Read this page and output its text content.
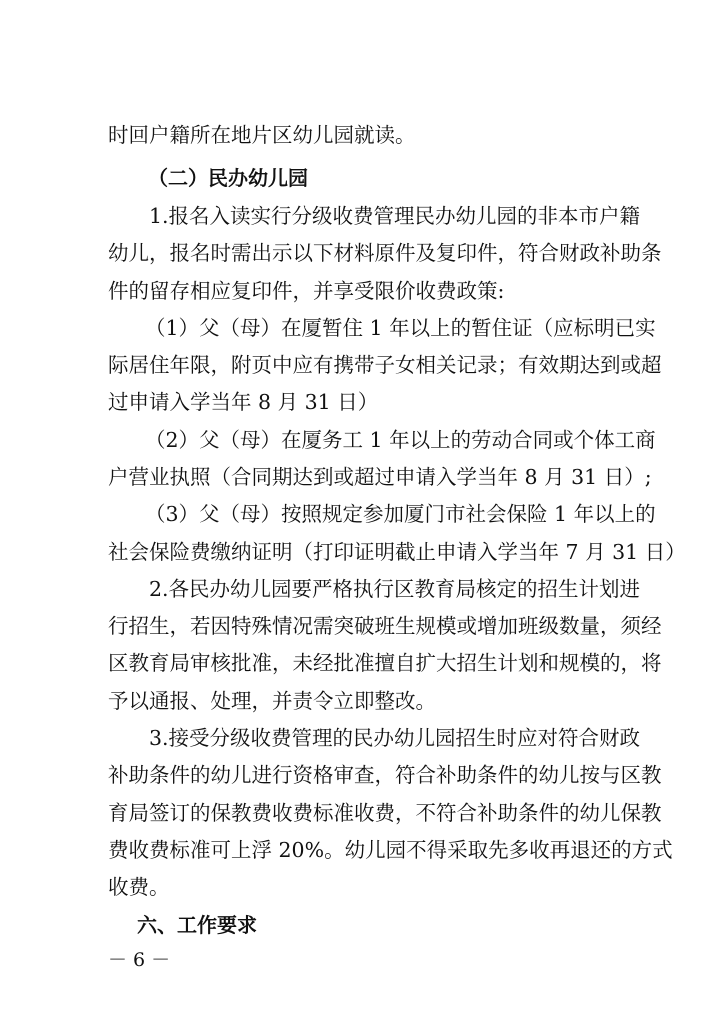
时回户籍所在地片区幼儿园就读。
（二）民办幼儿园
1.报名入读实行分级收费管理民办幼儿园的非本市户籍
幼儿，报名时需出示以下材料原件及复印件，符合财政补助条
件的留存相应复印件，并享受限价收费政策:
（1）父（母）在厦暂住 1 年以上的暂住证（应标明已实
际居住年限，附页中应有携带子女相关记录；有效期达到或超
过申请入学当年 8 月 31 日）
（2）父（母）在厦务工 1 年以上的劳动合同或个体工商
户营业执照（合同期达到或超过申请入学当年 8 月 31 日）;
（3）父（母）按照规定参加厦门市社会保险 1 年以上的
社会保险费缴纳证明（打印证明截止申请入学当年 7 月 31 日）
2.各民办幼儿园要严格执行区教育局核定的招生计划进
行招生，若因特殊情况需突破班生规模或增加班级数量，须经
区教育局审核批准，未经批准擅自扩大招生计划和规模的，将
予以通报、处理，并责令立即整改。
3.接受分级收费管理的民办幼儿园招生时应对符合财政
补助条件的幼儿进行资格审查，符合补助条件的幼儿按与区教
育局签订的保教费收费标准收费，不符合补助条件的幼儿保教
费收费标准可上浮 20%。幼儿园不得采取先多收再退还的方式
收费。
六、工作要求
－ 6 －
